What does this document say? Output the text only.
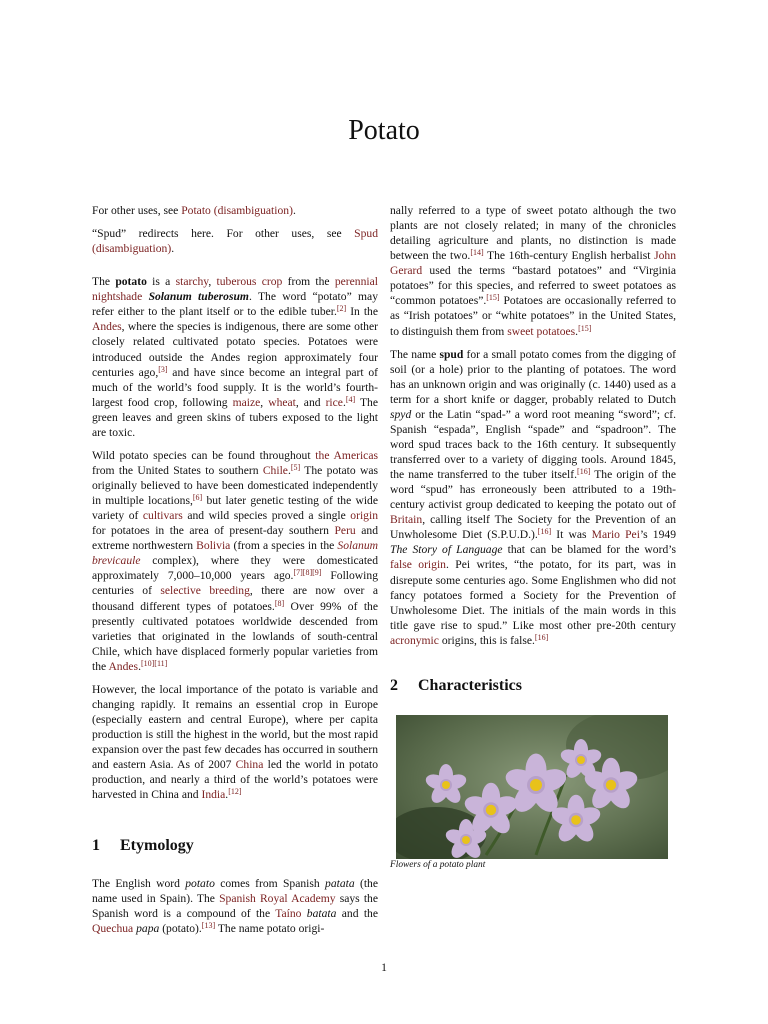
Potato

For other uses, see Potato (disambiguation).

“Spud” redirects here. For other uses, see Spud (disambiguation).

The potato is a starchy, tuberous crop from the perennial nightshade Solanum tuberosum. The word “potato” may refer either to the plant itself or to the edible tuber.[2] In the Andes, where the species is indigenous, there are some other closely related cultivated potato species. Potatoes were introduced outside the Andes region approximately four centuries ago,[3] and have since become an integral part of much of the world’s food supply. It is the world’s fourth-largest food crop, following maize, wheat, and rice.[4] The green leaves and green skins of tubers exposed to the light are toxic.

Wild potato species can be found throughout the Americas from the United States to southern Chile.[5] The potato was originally believed to have been domesticated independently in multiple locations,[6] but later genetic testing of the wide variety of cultivars and wild species proved a single origin for potatoes in the area of present-day southern Peru and extreme northwestern Bolivia (from a species in the Solanum brevicaule complex), where they were domesticated approximately 7,000–10,000 years ago.[7][8][9] Following centuries of selective breeding, there are now over a thousand different types of potatoes.[8] Over 99% of the presently cultivated potatoes worldwide descended from varieties that originated in the lowlands of south-central Chile, which have displaced formerly popular varieties from the Andes.[10][11]

However, the local importance of the potato is variable and changing rapidly. It remains an essential crop in Europe (especially eastern and central Europe), where per capita production is still the highest in the world, but the most rapid expansion over the past few decades has occurred in southern and eastern Asia. As of 2007 China led the world in potato production, and nearly a third of the world’s potatoes were harvested in China and India.[12]

1 Etymology

The English word potato comes from Spanish patata (the name used in Spain). The Spanish Royal Academy says the Spanish word is a compound of the Taíno batata and the Quechua papa (potato).[13] The name potato origi-

nally referred to a type of sweet potato although the two plants are not closely related; in many of the chronicles detailing agriculture and plants, no distinction is made between the two.[14] The 16th-century English herbalist John Gerard used the terms “bastard potatoes” and “Virginia potatoes” for this species, and referred to sweet potatoes as “common potatoes”.[15] Potatoes are occasionally referred to as “Irish potatoes” or “white potatoes” in the United States, to distinguish them from sweet potatoes.[15]

The name spud for a small potato comes from the digging of soil (or a hole) prior to the planting of potatoes. The word has an unknown origin and was originally (c. 1440) used as a term for a short knife or dagger, probably related to Dutch spyd or the Latin “spad-” a word root meaning “sword”; cf. Spanish “espada”, English “spade” and “spadroon”. The word spud traces back to the 16th century. It subsequently transferred over to a variety of digging tools. Around 1845, the name transferred to the tuber itself.[16] The origin of the word “spud” has erroneously been attributed to a 19th-century activist group dedicated to keeping the potato out of Britain, calling itself The Society for the Prevention of an Unwholesome Diet (S.P.U.D.).[16] It was Mario Pei’s 1949 The Story of Language that can be blamed for the word’s false origin. Pei writes, “the potato, for its part, was in disrepute some centuries ago. Some Englishmen who did not fancy potatoes formed a Society for the Prevention of Unwholesome Diet. The initials of the main words in this title gave rise to spud.” Like most other pre-20th century acronymic origins, this is false.[16]

2 Characteristics

Flowers of a potato plant

1
